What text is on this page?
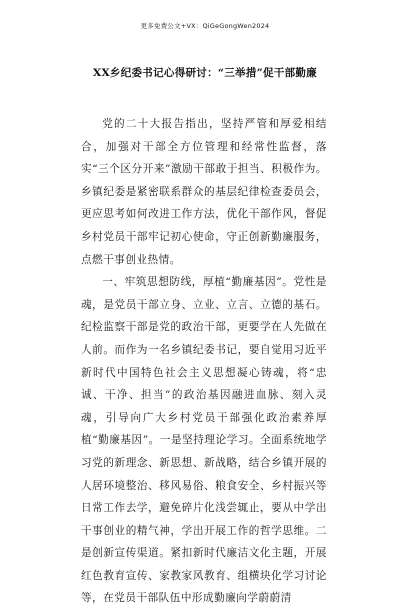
更多免费公文+VX：QiGeGongWen2024
XX乡纪委书记心得研讨：“三举措”促干部勤廉

党的二十大报告指出，坚持严管和厚爱相结合，加强对干部全方位管理和经常性监督，落实“三个区分开来”激励干部敢于担当、积极作为。乡镇纪委是紧密联系群众的基层纪律检查委员会，更应思考如何改进工作方法，优化干部作风，督促乡村党员干部牢记初心使命，守正创新勤廉服务，点燃干事创业热情。

一、牢筑思想防线，厚植“勤廉基因”。党性是魂，是党员干部立身、立业、立言、立德的基石。纪检监察干部是党的政治干部，更要学在人先做在人前。而作为一名乡镇纪委书记，要自觉用习近平新时代中国特色社会主义思想凝心铸魂，将“忠诚、干净、担当”的政治基因融进血脉、刻入灵魂，引导向广大乡村党员干部强化政治素养厚植“勤廉基因”。一是坚持理论学习。全面系统地学习党的新理念、新思想、新战略，结合乡镇开展的人居环境整治、移风易俗、粮食安全、乡村振兴等日常工作去学，避免碎片化浅尝辄止，要从中学出干事创业的精气神，学出开展工作的哲学思维。二是创新宣传渠道。紧扣新时代廉洁文化主题，开展红色教育宣传、家教家风教育、组横块化学习讨论等，在党员干部队伍中形成勤廉向学蔚蔚清
